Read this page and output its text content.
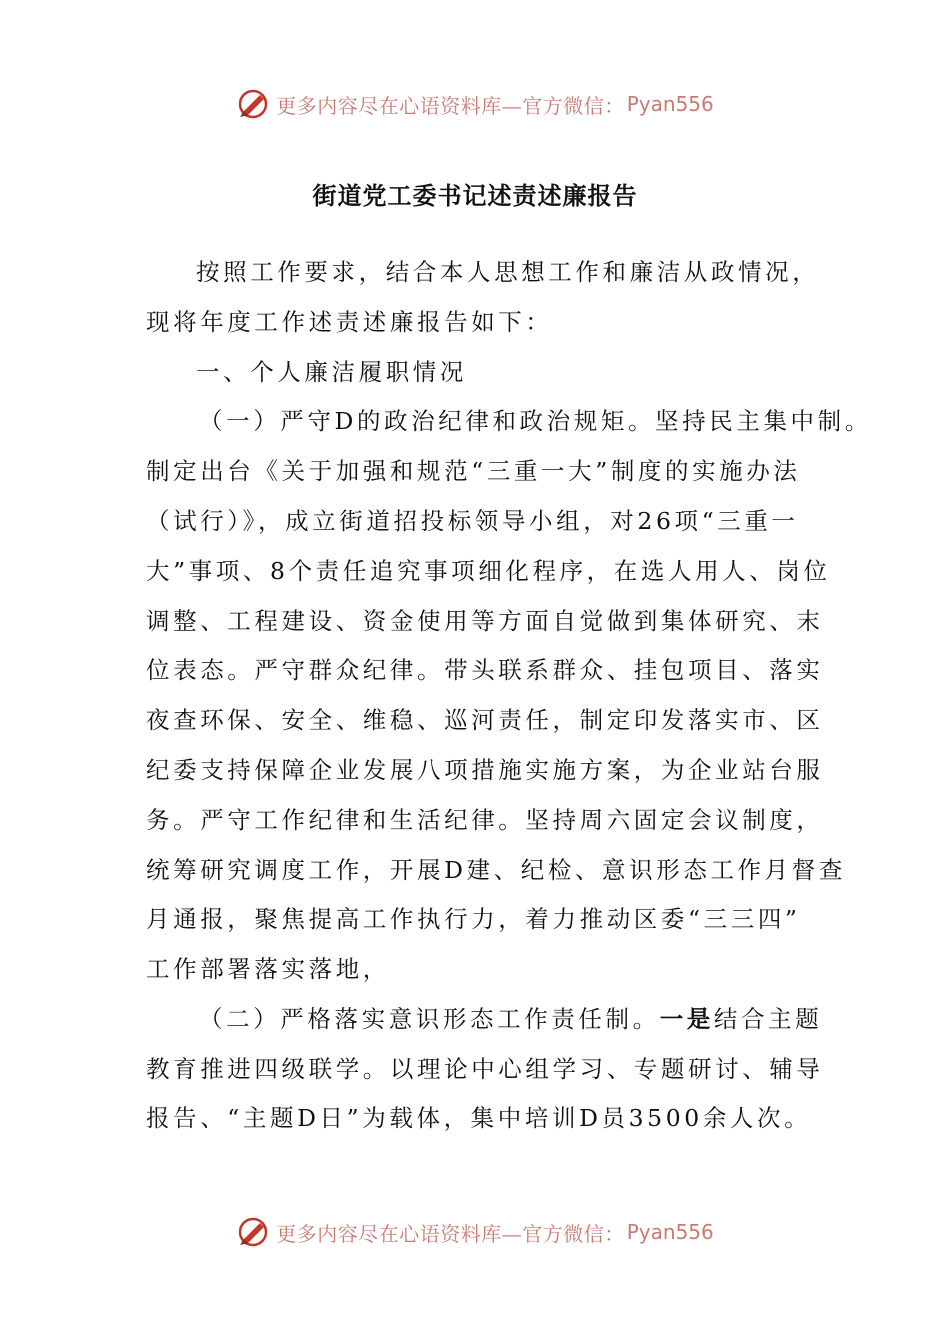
更多内容尽在心语资料库—官方微信： Pyan556
街道党工委书记述责述廉报告
按照工作要求，结合本人思想工作和廉洁从政情况，
现将年度工作述责述廉报告如下：
一、个人廉洁履职情况
（一）严守D的政治纪律和政治规矩。坚持民主集中制。
制定出台《关于加强和规范“三重一大”制度的实施办法
（试行）》，成立街道招投标领导小组，对26项“三重一
大”事项、8个责任追究事项细化程序，在选人用人、岗位
调整、工程建设、资金使用等方面自觉做到集体研究、末
位表态。严守群众纪律。带头联系群众、挂包项目、落实
夜查环保、安全、维稳、巡河责任，制定印发落实市、区
纪委支持保障企业发展八项措施实施方案，为企业站台服
务。严守工作纪律和生活纪律。坚持周六固定会议制度，
统筹研究调度工作，开展D建、纪检、意识形态工作月督查
月通报，聚焦提高工作执行力，着力推动区委“三三四”
工作部署落实落地，
（二）严格落实意识形态工作责任制。一是结合主题
教育推进四级联学。以理论中心组学习、专题研讨、辅导
报告、“主题D日”为载体，集中培训D员3500余人次。
更多内容尽在心语资料库—官方微信： Pyan556
